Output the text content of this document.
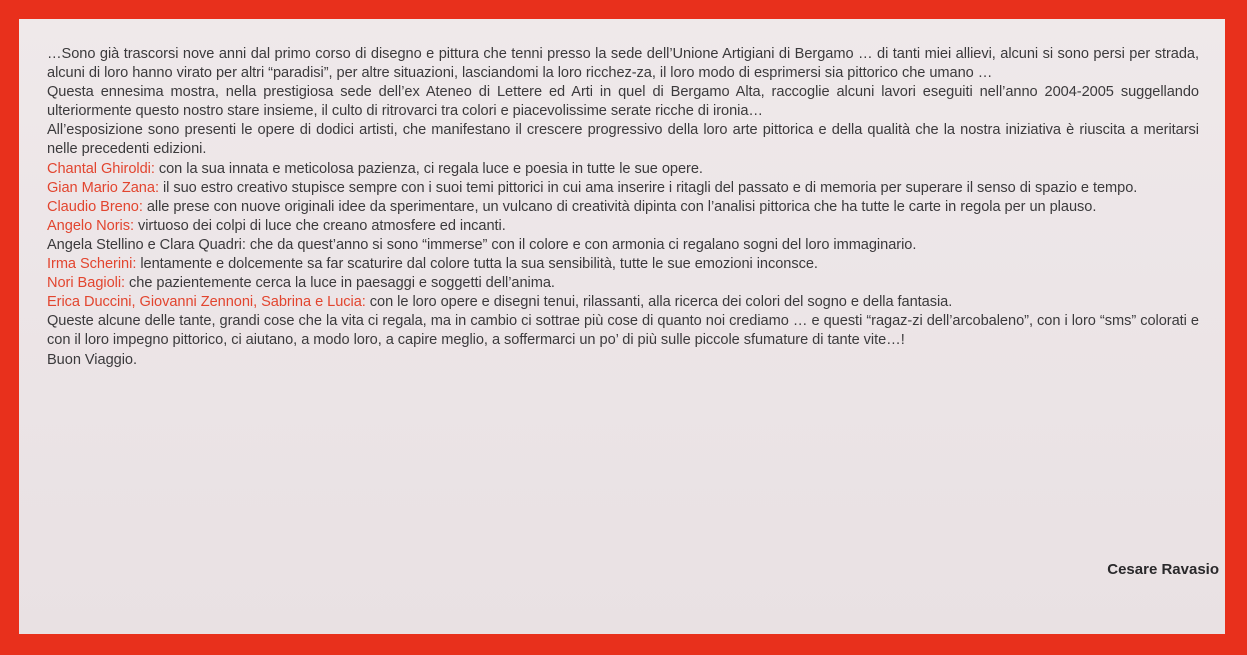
…Sono già trascorsi nove anni dal primo corso di disegno e pittura che tenni presso la sede dell’Unione Artigiani di Bergamo … di tanti miei allievi, alcuni si sono persi per strada, alcuni di loro hanno virato per altri “paradisi”, per altre situazioni, lasciandomi la loro ricchez-za, il loro modo di esprimersi sia pittorico che umano …

Questa ennesima mostra, nella prestigiosa sede dell’ex Ateneo di Lettere ed Arti in quel di Bergamo Alta, raccoglie alcuni lavori eseguiti nell’anno 2004-2005 suggellando ulteriormente questo nostro stare insieme, il culto di ritrovarci tra colori e piacevolissime serate ricche di ironia…

All’esposizione sono presenti le opere di dodici artisti, che manifestano il crescere progressivo della loro arte pittorica e della qualità che la nostra iniziativa è riuscita a meritarsi nelle precedenti edizioni.

Chantal Ghiroldi: con la sua innata e meticolosa pazienza, ci regala luce e poesia in tutte le sue opere.

Gian Mario Zana: il suo estro creativo stupisce sempre con i suoi temi pittorici in cui ama inserire i ritagli del passato e di memoria per superare il senso di spazio e tempo.

Claudio Breno: alle prese con nuove originali idee da sperimentare, un vulcano di creatività dipinta con l’analisi pittorica che ha tutte le carte in regola per un plauso.

Angelo Noris: virtuoso dei colpi di luce che creano atmosfere ed incanti.

Angela Stellino e Clara Quadri: che da quest’anno si sono “immerse” con il colore e con armonia ci regalano sogni del loro immaginario.

Irma Scherini: lentamente e dolcemente sa far scaturire dal colore tutta la sua sensibilità, tutte le sue emozioni inconsce.

Nori Bagioli: che pazientemente cerca la luce in paesaggi e soggetti dell’anima.

Erica Duccini, Giovanni Zennoni, Sabrina e Lucia: con le loro opere e disegni tenui, rilassanti, alla ricerca dei colori del sogno e della fantasia.

Queste alcune delle tante, grandi cose che la vita ci regala, ma in cambio ci sottrae più cose di quanto noi crediamo … e questi “ragaz-zi dell’arcobaleno”, con i loro “sms” colorati e con il loro impegno pittorico, ci aiutano, a modo loro, a capire meglio, a soffermarci un po’ di più sulle piccole sfumature di tante vite…!

Buon Viaggio.

Cesare Ravasio
